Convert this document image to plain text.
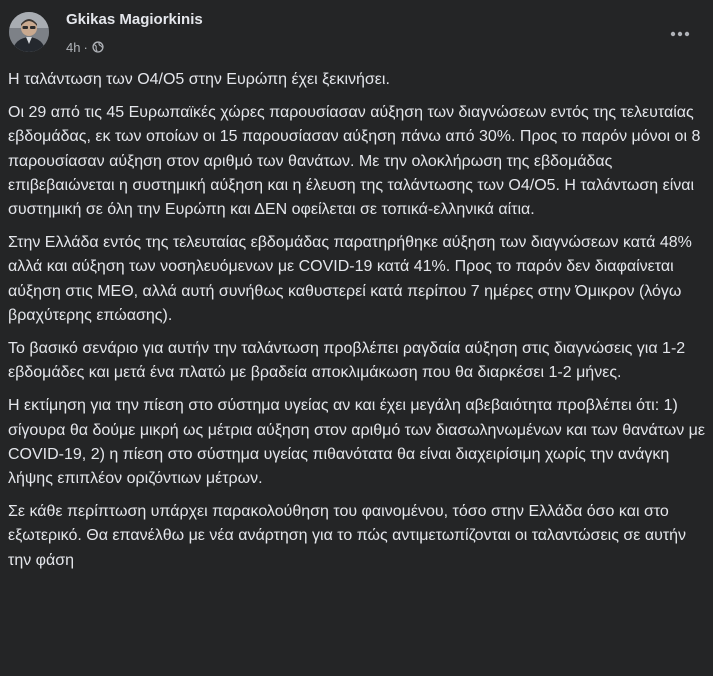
Gkikas Magiorkinis
4h ·

Η ταλάντωση των Ο4/Ο5 στην Ευρώπη έχει ξεκινήσει.

Οι 29 από τις 45 Ευρωπαϊκές χώρες παρουσίασαν αύξηση των διαγνώσεων εντός της τελευταίας εβδομάδας, εκ των οποίων οι 15 παρουσίασαν αύξηση πάνω από 30%. Προς το παρόν μόνοι οι 8 παρουσίασαν αύξηση στον αριθμό των θανάτων. Με την ολοκλήρωση της εβδομάδας επιβεβαιώνεται η συστημική αύξηση και η έλευση της ταλάντωσης των Ο4/Ο5. Η ταλάντωση είναι συστημική σε όλη την Ευρώπη και ΔΕΝ οφείλεται σε τοπικά-ελληνικά αίτια.

Στην Ελλάδα εντός της τελευταίας εβδομάδας παρατηρήθηκε αύξηση των διαγνώσεων κατά 48% αλλά και αύξηση των νοσηλευόμενων με COVID-19 κατά 41%. Προς το παρόν δεν διαφαίνεται αύξηση στις ΜΕΘ, αλλά αυτή συνήθως καθυστερεί κατά περίπου 7 ημέρες στην Όμικρον (λόγω βραχύτερης επώασης).

Το βασικό σενάριο για αυτήν την ταλάντωση προβλέπει ραγδαία αύξηση στις διαγνώσεις για 1-2 εβδομάδες και μετά ένα πλατώ με βραδεία αποκλιμάκωση που θα διαρκέσει 1-2 μήνες.

Η εκτίμηση για την πίεση στο σύστημα υγείας αν και έχει μεγάλη αβεβαιότητα προβλέπει ότι: 1) σίγουρα θα δούμε μικρή ως μέτρια αύξηση στον αριθμό των διασωληνωμένων και των θανάτων με COVID-19, 2) η πίεση στο σύστημα υγείας πιθανότατα θα είναι διαχειρίσιμη χωρίς την ανάγκη λήψης επιπλέον οριζόντιων μέτρων.

Σε κάθε περίπτωση υπάρχει παρακολούθηση του φαινομένου, τόσο στην Ελλάδα όσο και στο εξωτερικό. Θα επανέλθω με νέα ανάρτηση για το πώς αντιμετωπίζονται οι ταλαντώσεις σε αυτήν την φάση
